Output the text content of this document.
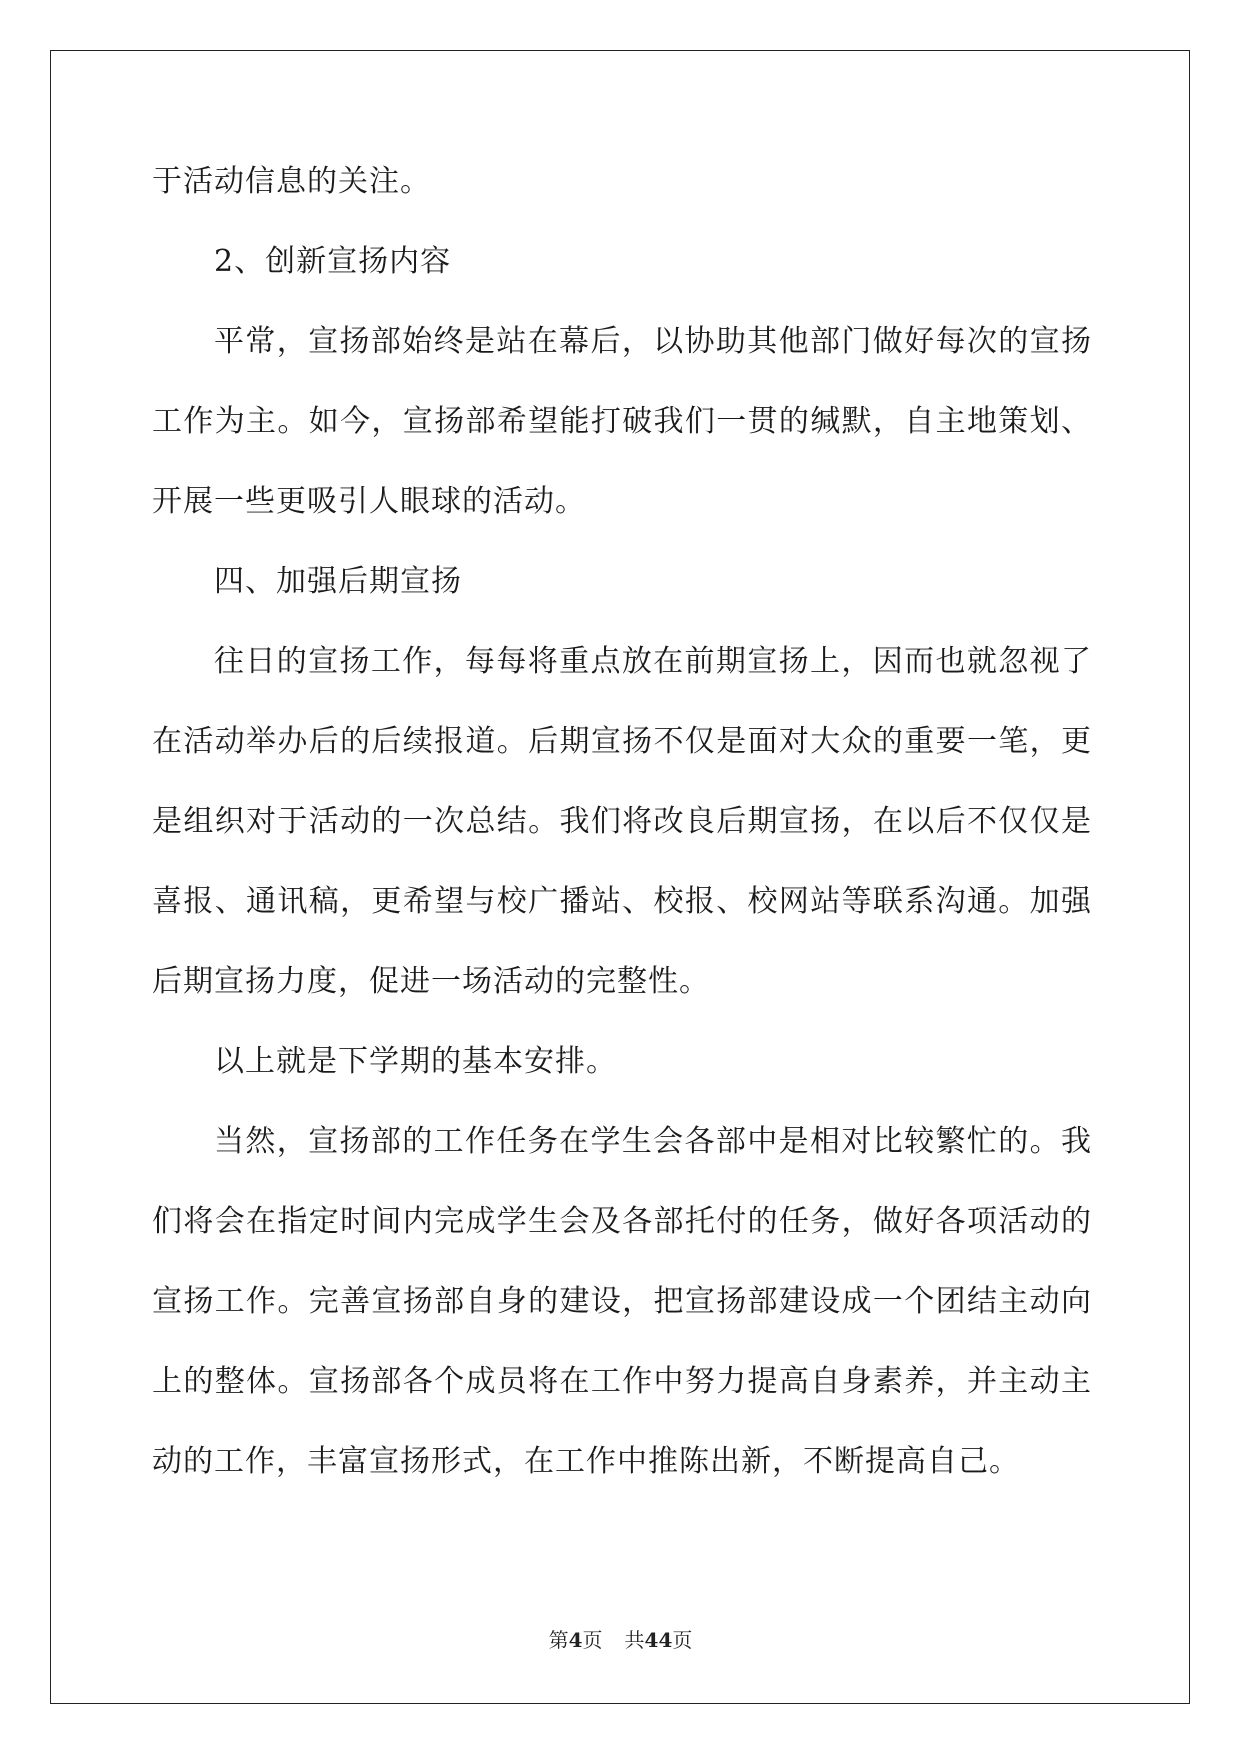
于活动信息的关注。
2、创新宣扬内容
平常，宣扬部始终是站在幕后，以协助其他部门做好每次的宣扬
工作为主。如今，宣扬部希望能打破我们一贯的缄默，自主地策划、
开展一些更吸引人眼球的活动。
四、加强后期宣扬
往日的宣扬工作，每每将重点放在前期宣扬上，因而也就忽视了
在活动举办后的后续报道。后期宣扬不仅是面对大众的重要一笔，更
是组织对于活动的一次总结。我们将改良后期宣扬，在以后不仅仅是
喜报、通讯稿，更希望与校广播站、校报、校网站等联系沟通。加强
后期宣扬力度，促进一场活动的完整性。
以上就是下学期的基本安排。
当然，宣扬部的工作任务在学生会各部中是相对比较繁忙的。我
们将会在指定时间内完成学生会及各部托付的任务，做好各项活动的
宣扬工作。完善宣扬部自身的建设，把宣扬部建设成一个团结主动向
上的整体。宣扬部各个成员将在工作中努力提高自身素养，并主动主
动的工作，丰富宣扬形式，在工作中推陈出新，不断提高自己。
第4页 共44页
